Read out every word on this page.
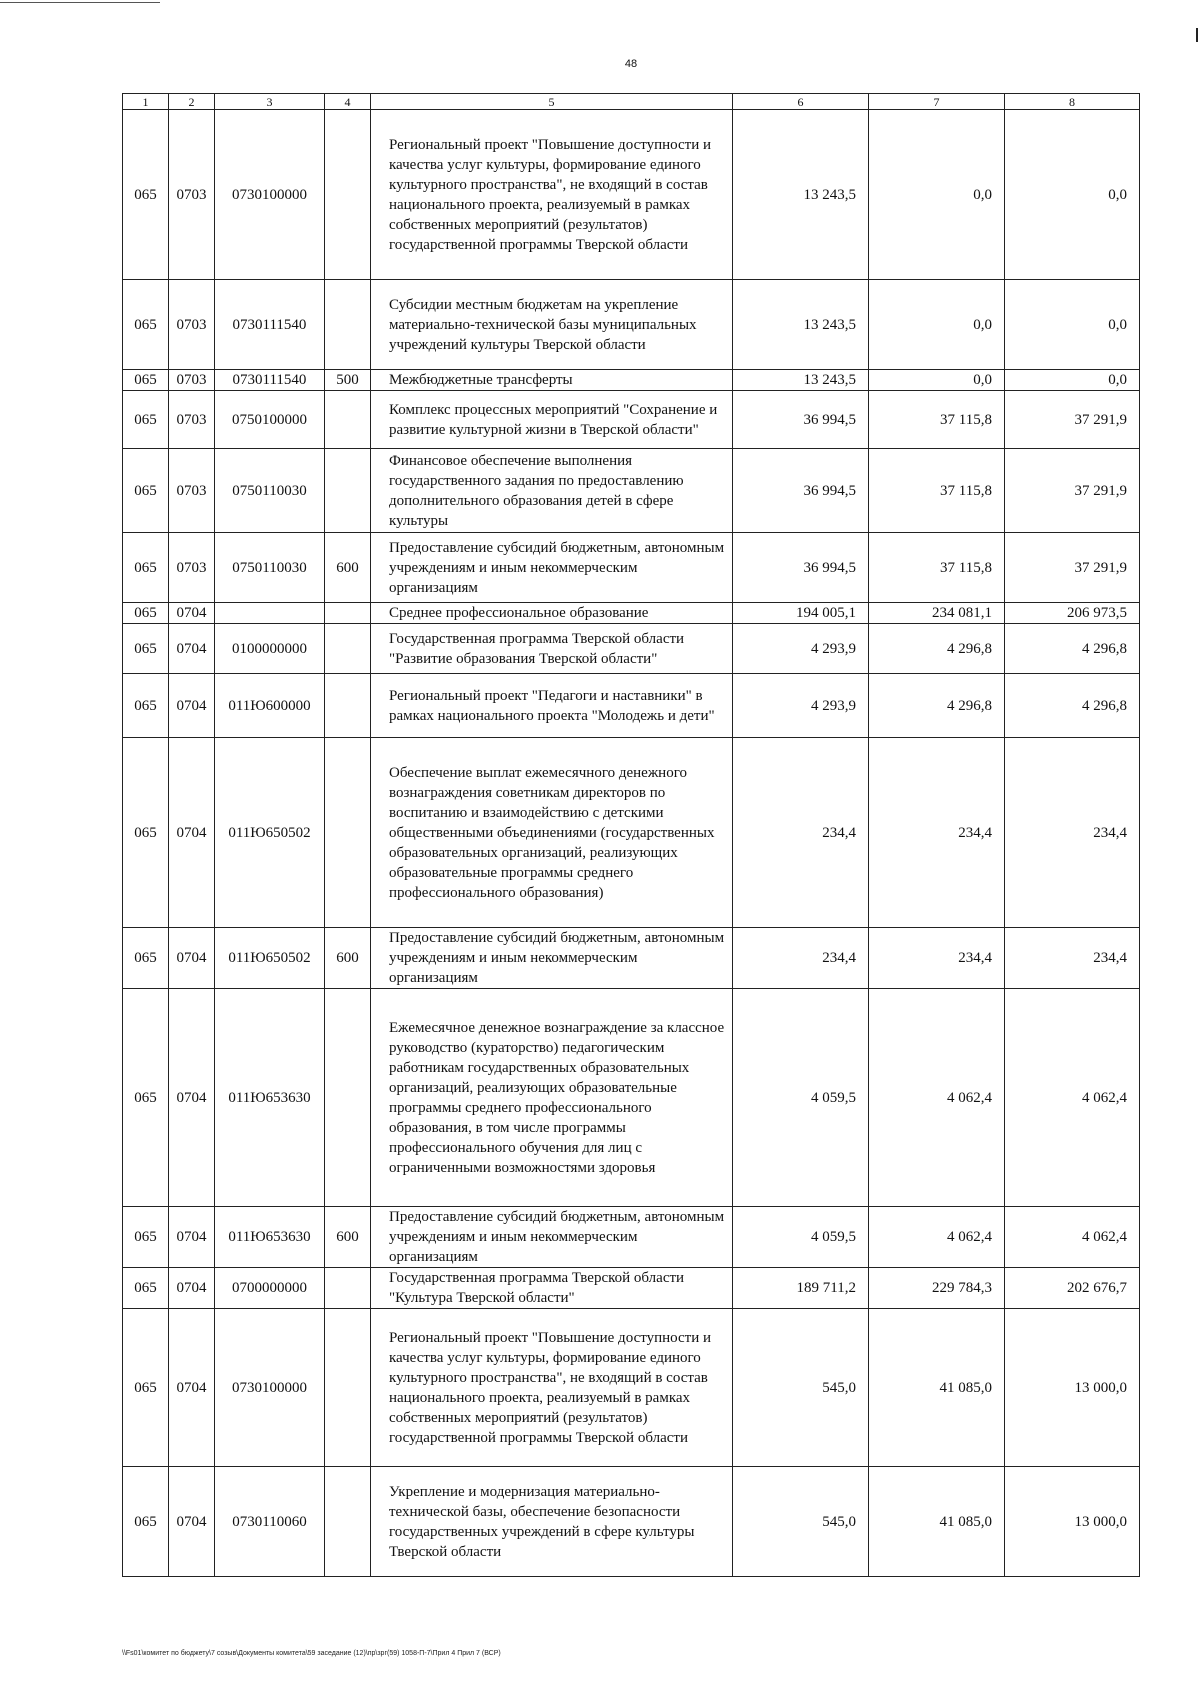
48
1	2	3	4	5	6	7	8
065	0703	0730100000		Региональный проект "Повышение доступности и качества услуг культуры, формирование единого культурного пространства", не входящий в состав национального проекта, реализуемый в рамках собственных мероприятий (результатов) государственной программы Тверской области	13 243,5	0,0	0,0
065	0703	0730111540		Субсидии местным бюджетам на укрепление материально-технической базы муниципальных учреждений культуры Тверской области	13 243,5	0,0	0,0
065	0703	0730111540	500	Межбюджетные трансферты	13 243,5	0,0	0,0
065	0703	0750100000		Комплекс процессных мероприятий "Сохранение и развитие культурной жизни в Тверской области"	36 994,5	37 115,8	37 291,9
065	0703	0750110030		Финансовое обеспечение выполнения государственного задания по предоставлению дополнительного образования детей в сфере культуры	36 994,5	37 115,8	37 291,9
065	0703	0750110030	600	Предоставление субсидий бюджетным, автономным учреждениям и иным некоммерческим организациям	36 994,5	37 115,8	37 291,9
065	0704			Среднее профессиональное образование	194 005,1	234 081,1	206 973,5
065	0704	0100000000		Государственная программа Тверской области "Развитие образования Тверской области"	4 293,9	4 296,8	4 296,8
065	0704	011Ю600000		Региональный проект "Педагоги и наставники" в рамках национального проекта "Молодежь и дети"	4 293,9	4 296,8	4 296,8
065	0704	011Ю650502		Обеспечение выплат ежемесячного денежного вознаграждения советникам директоров по воспитанию и взаимодействию с детскими общественными объединениями (государственных образовательных организаций, реализующих образовательные программы среднего профессионального образования)	234,4	234,4	234,4
065	0704	011Ю650502	600	Предоставление субсидий бюджетным, автономным учреждениям и иным некоммерческим организациям	234,4	234,4	234,4
065	0704	011Ю653630		Ежемесячное денежное вознаграждение за классное руководство (кураторство) педагогическим работникам государственных образовательных организаций, реализующих образовательные программы среднего профессионального образования, в том числе программы профессионального обучения для лиц с ограниченными возможностями здоровья	4 059,5	4 062,4	4 062,4
065	0704	011Ю653630	600	Предоставление субсидий бюджетным, автономным учреждениям и иным некоммерческим организациям	4 059,5	4 062,4	4 062,4
065	0704	0700000000		Государственная программа Тверской области "Культура Тверской области"	189 711,2	229 784,3	202 676,7
065	0704	0730100000		Региональный проект "Повышение доступности и качества услуг культуры, формирование единого культурного пространства", не входящий в состав национального проекта, реализуемый в рамках собственных мероприятий (результатов) государственной программы Тверской области	545,0	41 085,0	13 000,0
065	0704	0730110060		Укрепление и модернизация материально-технической базы, обеспечение безопасности государственных учреждений в сфере культуры Тверской области	545,0	41 085,0	13 000,0
\\Fs01\комитет по бюджету\7 созыв\Документы комитета\59 заседание (12)\пр\зрг(59) 1058-П-7\Прил 4 Прил 7 (ВСР)
